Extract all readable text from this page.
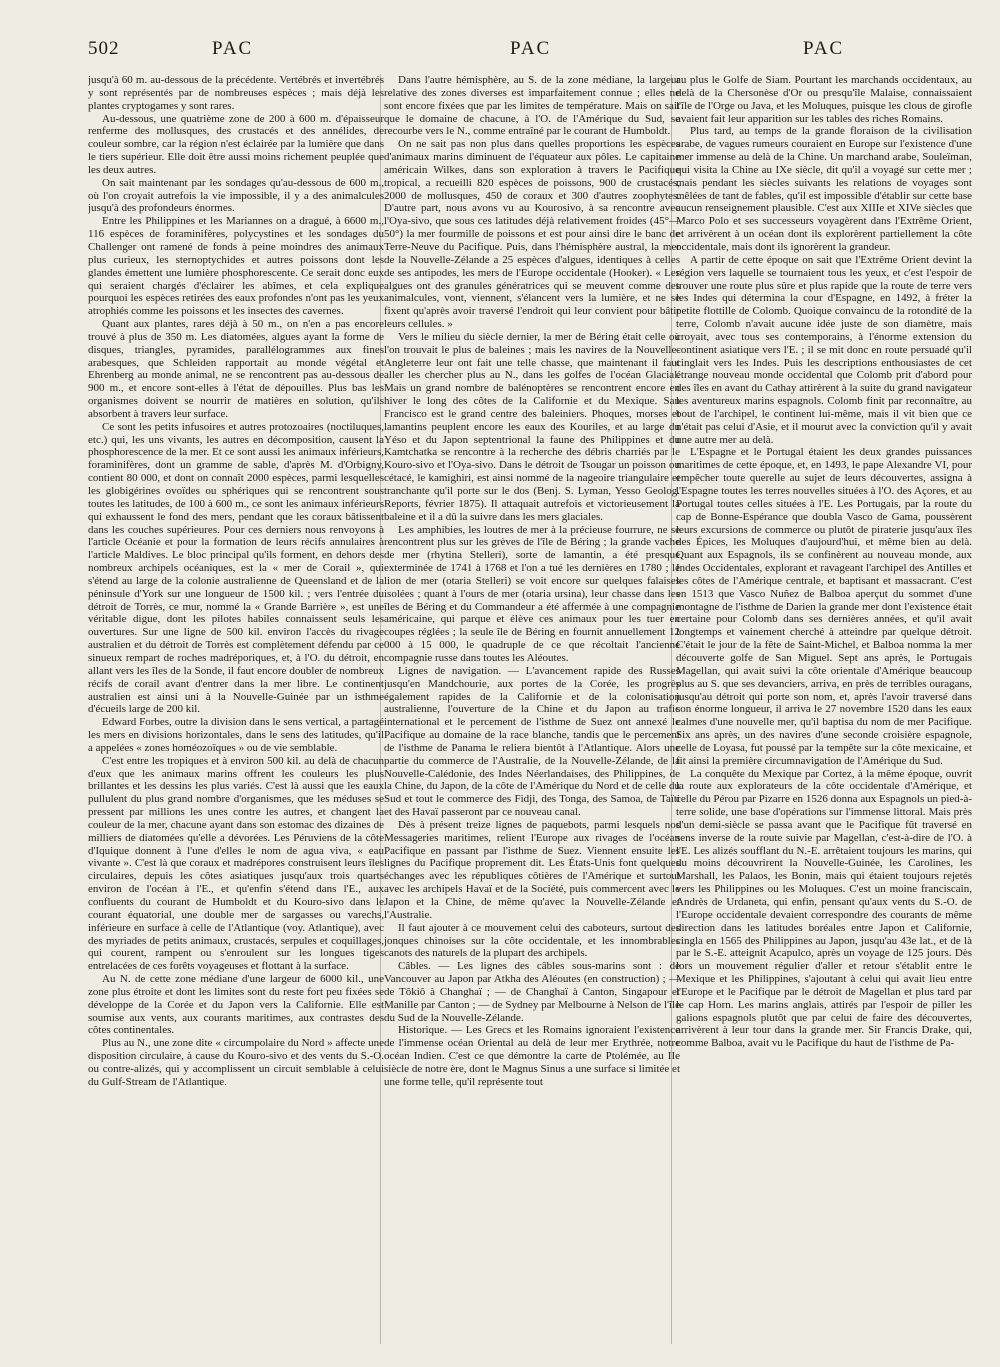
502	PAC	PAC	PAC

jusqu'à 60 m. au-dessous de la précédente. Vertébrés et invertébrés y sont représentés par de nombreuses espèces ; mais déjà les plantes cryptogames y sont rares.

Au-dessous, une quatrième zone de 200 à 600 m. d'épaisseur renferme des mollusques, des crustacés et des annélides, de couleur sombre, car la région n'est éclairée par la lumière que dans le tiers supérieur. Elle doit être aussi moins richement peuplée que les deux autres.

On sait maintenant par les sondages qu'au-dessous de 600 m., où l'on croyait autrefois la vie impossible, il y a des animalcules jusqu'à des profondeurs énormes.

Entre les Philippines et les Mariannes on a dragué, à 6600 m., 116 espèces de foraminifères, polycystines et les sondages du Challenger ont ramené de fonds à peine moindres des animaux plus curieux, les sternoptychides et autres poissons dont les glandes émettent une lumière phosphorescente. Ce serait donc eux qui seraient chargés d'éclairer les abîmes, et cela explique pourquoi les espèces retirées des eaux profondes n'ont pas les yeux atrophiés comme les poissons et les insectes des cavernes.

Quant aux plantes, rares déjà à 50 m., on n'en a pas encore trouvé à plus de 350 m. Les diatomées, algues ayant la forme de disques, triangles, pyramides, parallélogrammes aux fines arabesques, que Schleiden rapportait au monde végétal et Ehrenberg au monde animal, ne se rencontrent pas au-dessous de 900 m., et encore sont-elles à l'état de dépouilles. Plus bas les organismes doivent se nourrir de matières en solution, qu'ils absorbent à travers leur surface.

Ce sont les petits infusoires et autres protozoaires (noctiluques, etc.) qui, les uns vivants, les autres en décomposition, causent la phosphorescence de la mer. Et ce sont aussi les animaux inférieurs, foraminifères, dont un gramme de sable, d'après M. d'Orbigny, contient 80 000, et dont on connaît 2000 espèces, parmi lesquelles les globigérines ovoïdes ou sphériques qui se rencontrent sous toutes les latitudes, de 100 à 600 m., ce sont les animaux inférieurs qui exhaussent le fond des mers, pendant que les coraux bâtissent dans les couches supérieures. Pour ces derniers nous renvoyons à l'article Océanie et pour la formation de leurs récifs annulaires à l'article Maldives. Le bloc principal qu'ils forment, en dehors des nombreux archipels océaniques, est la « mer de Corail », qui s'étend au large de la colonie australienne de Queensland et de la péninsule d'York sur une longueur de 1500 kil. ; vers l'entrée du détroit de Torrès, ce mur, nommé la « Grande Barrière », est une véritable digue, dont les pilotes habiles connaissent seuls les ouvertures. Sur une ligne de 500 kil. environ l'accès du rivage australien et du détroit de Torrès est complètement défendu par ce sinueux rempart de roches madréporiques, et, à l'O. du détroit, en allant vers les îles de la Sonde, il faut encore doubler de nombreux récifs de corail avant d'entrer dans la mer libre. Le continent australien est ainsi uni à la Nouvelle-Guinée par un isthme d'écueils large de 200 kil.

Edward Forbes, outre la division dans le sens vertical, a partagé les mers en divisions horizontales, dans le sens des latitudes, qu'il a appelées « zones homéozoïques » ou de vie semblable.

C'est entre les tropiques et à environ 500 kil. au delà de chacun d'eux que les animaux marins offrent les couleurs les plus brillantes et les dessins les plus variés. C'est là aussi que les eaux pullulent du plus grand nombre d'organismes, que les méduses se pressent par millions les unes contre les autres, et changent la couleur de la mer, chacune ayant dans son estomac des dizaines de milliers de diatomées qu'elle a dévorées. Les Péruviens de la côte d'Iquique donnent à l'une d'elles le nom de agua viva, « eau vivante ». C'est là que coraux et madrépores construisent leurs îles circulaires, depuis les côtes asiatiques jusqu'aux trois quarts environ de l'océan à l'E., et qu'enfin s'étend dans l'E., aux confluents du courant de Humboldt et du Kouro-sivo dans le courant équatorial, une double mer de sargasses ou varechs, inférieure en surface à celle de l'Atlantique (voy. Atlantique), avec des myriades de petits animaux, crustacés, serpules et coquillages, qui courent, rampent ou s'enroulent sur les longues tiges entrelacées de ces forêts voyageuses et flottant à la surface.

Au N. de cette zone médiane d'une largeur de 6000 kil., une zone plus étroite et dont les limites sont du reste fort peu fixées se développe de la Corée et du Japon vers la Californie. Elle est soumise aux vents, aux courants maritimes, aux contrastes des côtes continentales.

Plus au N., une zone dite « circumpolaire du Nord » affecte une disposition circulaire, à cause du Kouro-sivo et des vents du S.-O. ou contre-alizés, qui y accomplissent un circuit semblable à celui du Gulf-Stream de l'Atlantique.

Dans l'autre hémisphère, au S. de la zone médiane, la largeur relative des zones diverses est imparfaitement connue ; elles ne sont encore fixées que par les limites de température. Mais on sait que le domaine de chacune, à l'O. de l'Amérique du Sud, se recourbe vers le N., comme entraîné par le courant de Humboldt.

On ne sait pas non plus dans quelles proportions les espèces d'animaux marins diminuent de l'équateur aux pôles. Le capitaine américain Wilkes, dans son exploration à travers le Pacifique tropical, a recueilli 820 espèces de poissons, 900 de crustacés, 2000 de mollusques, 450 de coraux et 300 d'autres zoophytes. D'autre part, nous avons vu au Kourosivo, à sa rencontre avec l'Oya-sivo, que sous ces latitudes déjà relativement froides (45°—50°) la mer fourmille de poissons et est pour ainsi dire le banc de Terre-Neuve du Pacifique. Puis, dans l'hémisphère austral, la mer de la Nouvelle-Zélande a 25 espèces d'algues, identiques à celles de ses antipodes, les mers de l'Europe occidentale (Hooker). « Les algues ont des granules génératrices qui se meuvent comme des animalcules, vont, viennent, s'élancent vers la lumière, et ne se fixent qu'après avoir traversé l'endroit qui leur convient pour bâtir leurs cellules. »

Vers le milieu du siècle dernier, la mer de Béring était celle où l'on trouvait le plus de baleines ; mais les navires de la Nouvelle-Angleterre leur ont fait une telle chasse, que maintenant il faut aller les chercher plus au N., dans les golfes de l'océan Glacial. Mais un grand nombre de balénoptères se rencontrent encore en hiver le long des côtes de la Californie et du Mexique. San Francisco est le grand centre des baleiniers. Phoques, morses et lamantins peuplent encore les eaux des Kouriles, et au large du Yéso et du Japon septentrional la faune des Philippines et du Kamtchatka se rencontre à la recherche des débris charriés par le Kouro-sivo et l'Oya-sivo. Dans le détroit de Tsougar un poisson ou cétacé, le kamighiri, est ainsi nommé de la nageoire triangulaire et tranchante qu'il porte sur le dos (Benj. S. Lyman, Yesso Geolog. Reports, février 1875). Il attaquait autrefois et victorieusement la baleine et il a dû la suivre dans les mers glaciales.

Les amphibies, les loutres de mer à la précieuse fourrure, ne se rencontrent plus sur les grèves de l'île de Béring ; la grande vache de mer (rhytina Stelleri), sorte de lamantin, a été presque exterminée de 1741 à 1768 et l'on a tué les dernières en 1780 ; le lion de mer (otaria Stelleri) se voit encore sur quelques falaises isolées ; quant à l'ours de mer (otaria ursina), leur chasse dans les îles de Béring et du Commandeur a été affermée à une compagnie américaine, qui parque et élève ces animaux pour les tuer en coupes réglées ; la seule île de Béring en fournit annuellement 12 000 à 15 000, le quadruple de ce que récoltait l'ancienne compagnie russe dans toutes les Aléoutes.

Lignes de navigation. — L'avancement rapide des Russes jusqu'en Mandchourie, aux portes de la Corée, les progrès également rapides de la Californie et de la colonisation australienne, l'ouverture de la Chine et du Japon au trafic international et le percement de l'isthme de Suez ont annexé le Pacifique au domaine de la race blanche, tandis que le percement de l'isthme de Panama le reliera bientôt à l'Atlantique. Alors une partie du commerce de l'Australie, de la Nouvelle-Zélande, de la Nouvelle-Calédonie, des Indes Néerlandaises, des Philippines, de la Chine, du Japon, de la côte de l'Amérique du Nord et de celle du Sud et tout le commerce des Fidji, des Tonga, des Samoa, de Taïti et des Havaï passeront par ce nouveau canal.

Dès à présent treize lignes de paquebots, parmi lesquels nos Messageries maritimes, relient l'Europe aux rivages de l'océan Pacifique en passant par l'isthme de Suez. Viennent ensuite les lignes du Pacifique proprement dit. Les États-Unis font quelques échanges avec les républiques côtières de l'Amérique et surtout avec les archipels Havaï et de la Société, puis commercent avec le Japon et la Chine, de même qu'avec la Nouvelle-Zélande et l'Australie.

Il faut ajouter à ce mouvement celui des caboteurs, surtout des jonques chinoises sur la côte occidentale, et les innombrables canots des naturels de la plupart des archipels.

Câbles. — Les lignes des câbles sous-marins sont : de Vancouver au Japon par Atkha des Aléoutes (en construction) ; — de Tôkiô à Changhaï ; — de Changhaï à Canton, Singapour et Manille par Canton ; — de Sydney par Melbourne à Nelson de l'île du Sud de la Nouvelle-Zélande.

Historique. — Les Grecs et les Romains ignoraient l'existence de l'immense océan Oriental au delà de leur mer Erythrée, notre océan Indien. C'est ce que démontre la carte de Ptolémée, au IIe siècle de notre ère, dont le Magnus Sinus a une surface si limitée et une forme telle, qu'il représente tout

au plus le Golfe de Siam. Pourtant les marchands occidentaux, au delà de la Chersonèse d'Or ou presqu'île Malaise, connaissaient l'île de l'Orge ou Java, et les Moluques, puisque les clous de girofle avaient fait leur apparition sur les tables des riches Romains.

Plus tard, au temps de la grande floraison de la civilisation arabe, de vagues rumeurs couraient en Europe sur l'existence d'une mer immense au delà de la Chine. Un marchand arabe, Souleïman, qui visita la Chine au IXe siècle, dit qu'il a voyagé sur cette mer ; mais pendant les siècles suivants les relations de voyages sont mêlées de tant de fables, qu'il est impossible d'établir sur cette base aucun renseignement plausible. C'est aux XIIIe et XIVe siècles que Marco Polo et ses successeurs voyagèrent dans l'Extrême Orient, et arrivèrent à un océan dont ils explorèrent partiellement la côte occidentale, mais dont ils ignorèrent la grandeur.

A partir de cette époque on sait que l'Extrême Orient devint la région vers laquelle se tournaient tous les yeux, et c'est l'espoir de trouver une route plus sûre et plus rapide que la route de terre vers les Indes qui détermina la cour d'Espagne, en 1492, à fréter la petite flottille de Colomb. Quoique convaincu de la rotondité de la terre, Colomb n'avait aucune idée juste de son diamètre, mais croyait, avec tous ses contemporains, à l'énorme extension du continent asiatique vers l'E. ; il se mit donc en route persuadé qu'il cinglait vers les Indes. Puis les descriptions enthousiastes de cet étrange nouveau monde occidental que Colomb prit d'abord pour des îles en avant du Cathay attirèrent à la suite du grand navigateur les aventureux marins espagnols. Colomb finit par reconnaître, au bout de l'archipel, le continent lui-même, mais il vit bien que ce n'était pas celui d'Asie, et il mourut avec la conviction qu'il y avait une autre mer au delà.

L'Espagne et le Portugal étaient les deux grandes puissances maritimes de cette époque, et, en 1493, le pape Alexandre VI, pour empêcher toute querelle au sujet de leurs découvertes, assigna à l'Espagne toutes les terres nouvelles situées à l'O. des Açores, et au Portugal toutes celles situées à l'E. Les Portugais, par la route du cap de Bonne-Espérance que doubla Vasco de Gama, poussèrent leurs excursions de commerce ou plutôt de piraterie jusqu'aux îles des Épices, les Moluques d'aujourd'hui, et même bien au delà. Quant aux Espagnols, ils se confinèrent au nouveau monde, aux Indes Occidentales, explorant et ravageant l'archipel des Antilles et les côtes de l'Amérique centrale, et baptisant et massacrant. C'est en 1513 que Vasco Nuñez de Balboa aperçut du sommet d'une montagne de l'isthme de Darien la grande mer dont l'existence était certaine pour Colomb dans ses dernières années, et qu'il avait longtemps et vainement cherché à atteindre par quelque détroit. C'était le jour de la fête de Saint-Michel, et Balboa nomma la mer découverte golfe de San Miguel. Sept ans après, le Portugais Magellan, qui avait suivi la côte orientale d'Amérique beaucoup plus au S. que ses devanciers, arriva, en près de terribles ouragans, jusqu'au détroit qui porte son nom, et, après l'avoir traversé dans son énorme longueur, il arriva le 27 novembre 1520 dans les eaux calmes d'une nouvelle mer, qu'il baptisa du nom de mer Pacifique. Six ans après, un des navires d'une seconde croisière espagnole, celle de Loyasa, fut poussé par la tempête sur la côte mexicaine, et fit ainsi la première circumnavigation de l'Amérique du Sud.

La conquête du Mexique par Cortez, à la même époque, ouvrit la route aux explorateurs de la côte occidentale d'Amérique, et celle du Pérou par Pizarre en 1526 donna aux Espagnols un pied-à-terre solide, une base d'opérations sur l'immense littoral. Mais près d'un demi-siècle se passa avant que le Pacifique fût traversé en sens inverse de la route suivie par Magellan, c'est-à-dire de l'O. à l'E. Les alizés soufflant du N.-E. arrêtaient toujours les marins, qui du moins découvrirent la Nouvelle-Guinée, les Carolines, les Marshall, les Palaos, les Bonin, mais qui étaient toujours rejetés vers les Philippines ou les Moluques. C'est un moine franciscain, Andrès de Urdaneta, qui enfin, pensant qu'aux vents du S.-O. de l'Europe occidentale devaient correspondre des courants de même direction dans les latitudes boréales entre Japon et Californie, cingla en 1565 des Philippines au Japon, jusqu'au 43e lat., et de là par le S.-E. atteignit Acapulco, après un voyage de 125 jours. Dès lors un mouvement régulier d'aller et retour s'établit entre le Mexique et les Philippines, s'ajoutant à celui qui avait lieu entre l'Europe et le Pacifique par le détroit de Magellan et plus tard par le cap Horn. Les marins anglais, attirés par l'espoir de piller les galions espagnols plutôt que par celui de faire des découvertes, arrivèrent à leur tour dans la grande mer. Sir Francis Drake, qui, comme Balboa, avait vu le Pacifique du haut de l'isthme de Pa-
